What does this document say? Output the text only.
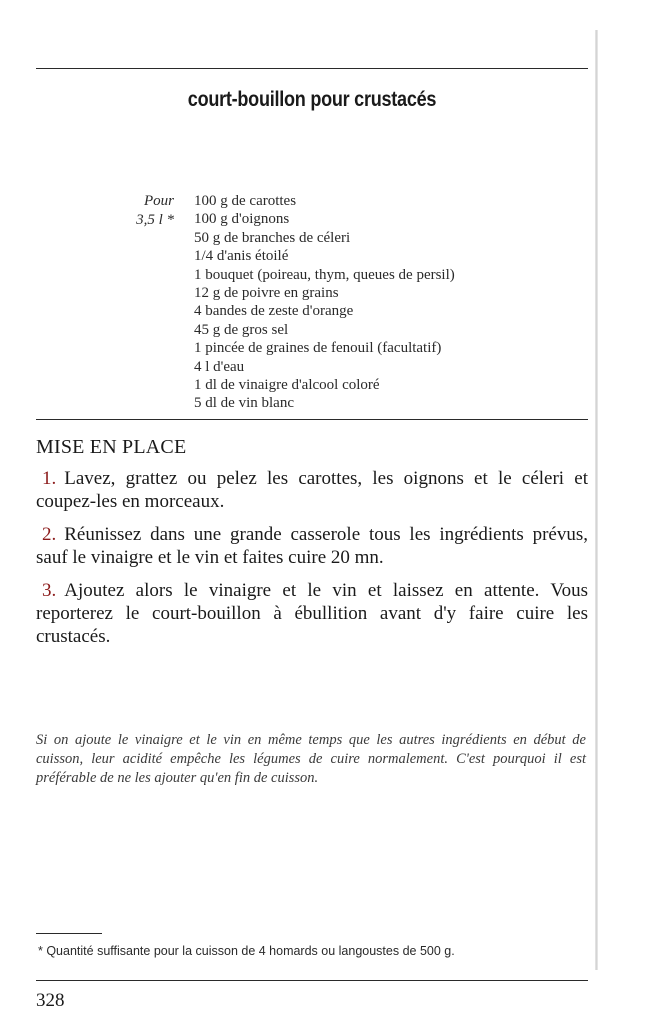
court-bouillon pour crustacés
Pour
3,5 l *
100 g de carottes
100 g d'oignons
50 g de branches de céleri
1/4 d'anis étoilé
1 bouquet (poireau, thym, queues de persil)
12 g de poivre en grains
4 bandes de zeste d'orange
45 g de gros sel
1 pincée de graines de fenouil (facultatif)
4 l d'eau
1 dl de vinaigre d'alcool coloré
5 dl de vin blanc
MISE EN PLACE
1. Lavez, grattez ou pelez les carottes, les oignons et le céleri et coupez-les en morceaux.
2. Réunissez dans une grande casserole tous les ingrédients prévus, sauf le vinaigre et le vin et faites cuire 20 mn.
3. Ajoutez alors le vinaigre et le vin et laissez en attente. Vous reporterez le court-bouillon à ébullition avant d'y faire cuire les crustacés.

Si on ajoute le vinaigre et le vin en même temps que les autres ingrédients en début de cuisson, leur acidité empêche les légumes de cuire normalement. C'est pourquoi il est préférable de ne les ajouter qu'en fin de cuisson.

* Quantité suffisante pour la cuisson de 4 homards ou langoustes de 500 g.
328
